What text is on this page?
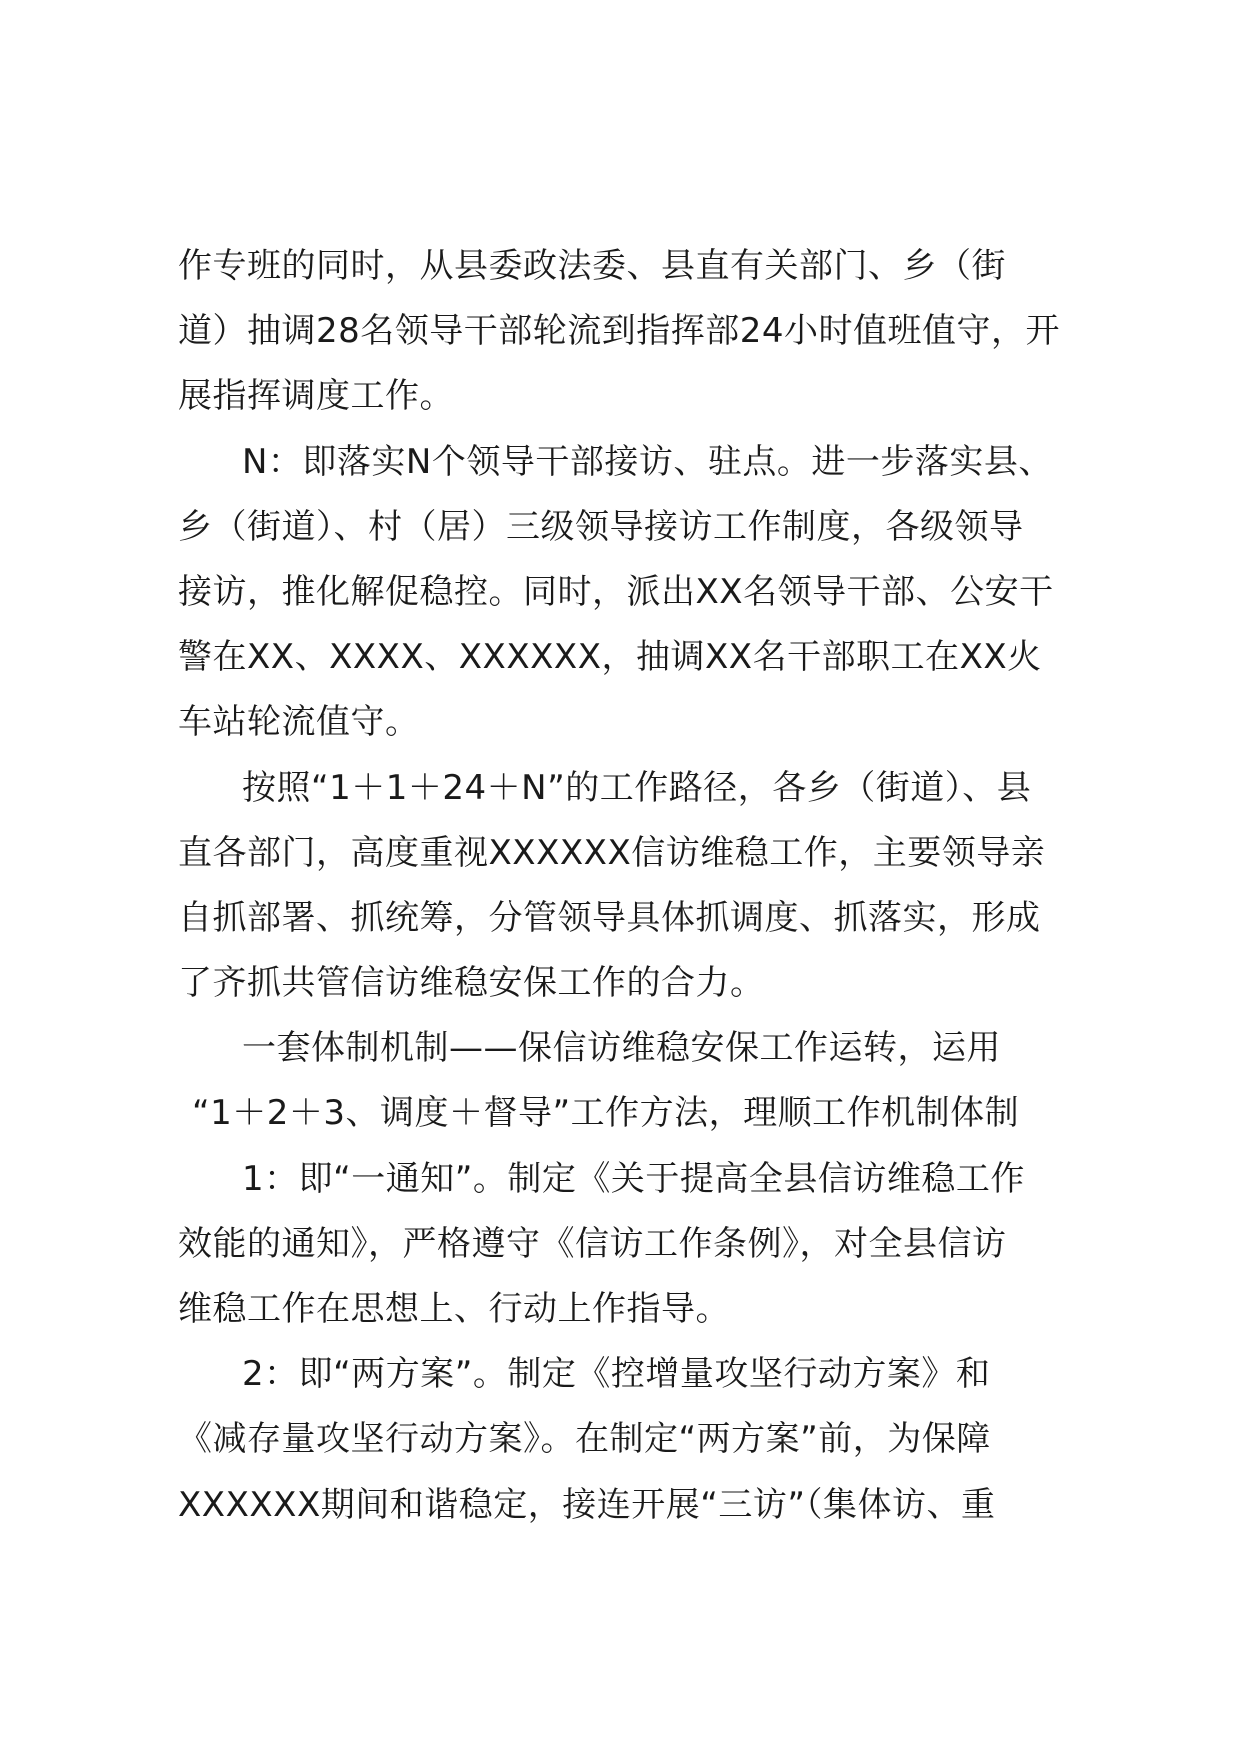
作专班的同时，从县委政法委、县直有关部门、乡（街
道）抽调28名领导干部轮流到指挥部24小时值班值守，开
展指挥调度工作。
N：即落实N个领导干部接访、驻点。进一步落实县、
乡（街道）、村（居）三级领导接访工作制度，各级领导
接访，推化解促稳控。同时，派出XX名领导干部、公安干
警在XX、XXXX、XXXXXX，抽调XX名干部职工在XX火
车站轮流值守。
按照“1＋1＋24＋N”的工作路径，各乡（街道）、县
直各部门，高度重视XXXXXX信访维稳工作，主要领导亲
自抓部署、抓统筹，分管领导具体抓调度、抓落实，形成
了齐抓共管信访维稳安保工作的合力。
一套体制机制——保信访维稳安保工作运转，运用
“1＋2＋3、调度＋督导”工作方法，理顺工作机制体制
1：即“一通知”。制定《关于提高全县信访维稳工作
效能的通知》，严格遵守《信访工作条例》，对全县信访
维稳工作在思想上、行动上作指导。
2：即“两方案”。制定《控增量攻坚行动方案》和
《减存量攻坚行动方案》。在制定“两方案”前，为保障
XXXXXX期间和谐稳定，接连开展“三访”（集体访、重
